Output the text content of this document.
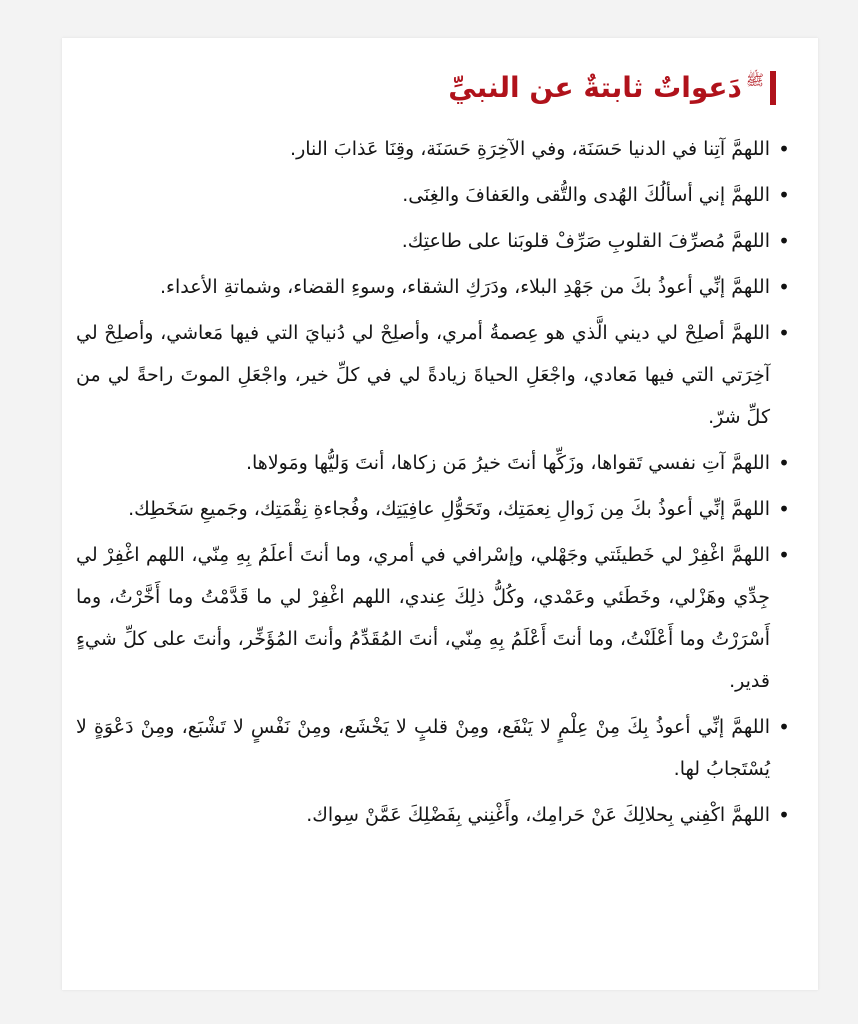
دَعواتٌ ثابتةٌ عن النبيِّ ﷺ
•
اللهمَّ آتِنا في الدنيا حَسَنَة، وفي الآخِرَةِ حَسَنَة، وقِنَا عَذابَ النار.
•
اللهمَّ إني أسألُكَ الهُدى والتُّقى والعَفافَ والغِنَى.
•
اللهمَّ مُصرِّفَ القلوبِ صَرِّفْ قلوبَنا على طاعتِك.
•
اللهمَّ إنِّي أعوذُ بكَ من جَهْدِ البلاء، ودَرَكِ الشقاء، وسوءِ القضاء، وشماتةِ الأعداء.
•
اللهمَّ أصلِحْ لي ديني الَّذي هو عِصمةُ أمري، وأصلِحْ لي دُنيايَ التي فيها مَعاشي، وأصلِحْ لي آخِرَتي التي فيها مَعادي، واجْعَلِ الحياةَ زيادةً لي في كلِّ خير، واجْعَلِ الموتَ راحةً لي من كلِّ شرّ.
•
اللهمَّ آتِ نفسي تَقواها، وزَكِّها أنتَ خيرُ مَن زكاها، أنتَ وَليُّها ومَولاها.
•
اللهمَّ إنِّي أعوذُ بكَ مِن زَوالِ نِعمَتِك، وتَحَوُّلِ عافِيَتِك، وفُجاءةِ نِقْمَتِك، وجَميعِ سَخَطِك.
•
اللهمَّ اغْفِرْ لي خَطيئَتي وجَهْلي، وإسْرافي في أمري، وما أنتَ أعلَمُ بِهِ مِنّي، اللهم اغْفِرْ لي جِدِّي وهَزْلي، وخَطَئي وعَمْدي، وكُلُّ ذلِكَ عِندي، اللهم اغْفِرْ لي ما قَدَّمْتُ وما أَخَّرْتُ، وما أَسْرَرْتُ وما أَعْلَنْتُ، وما أنتَ أَعْلَمُ بِهِ مِنّي، أنتَ المُقَدِّمُ وأنتَ المُؤَخِّر، وأنتَ على كلِّ شيءٍ قدير.
•
اللهمَّ إنِّي أعوذُ بِكَ مِنْ عِلْمٍ لا يَنْفَع، ومِنْ قلبٍ لا يَخْشَع، ومِنْ نَفْسٍ لا تَشْبَع، ومِنْ دَعْوَةٍ لا يُسْتَجابُ لها.
•
اللهمَّ اكْفِني بِحلالِكَ عَنْ حَرامِك، وأَغْنِني بِفَضْلِكَ عَمَّنْ سِواك.
